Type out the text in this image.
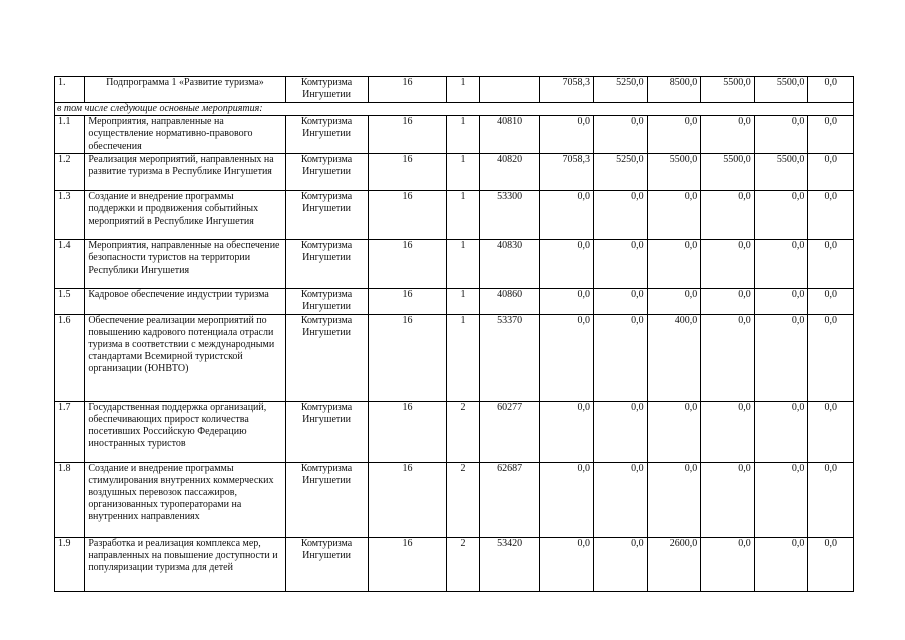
1.	Подпрограмма 1 «Развитие туризма»	Комтуризма Ингушетии	16	1		7058,3	5250,0	8500,0	5500,0	5500,0	0,0
в том числе следующие основные мероприятия:											
1.1	Мероприятия, направленные на осуществление нормативно-правового обеспечения	Комтуризма Ингушетии	16	1	40810	0,0	0,0	0,0	0,0	0,0	0,0
1.2	Реализация мероприятий, направленных на развитие туризма в Республике Ингушетия	Комтуризма Ингушетии	16	1	40820	7058,3	5250,0	5500,0	5500,0	5500,0	0,0
1.3	Создание и внедрение программы поддержки и продвижения событийных мероприятий в Республике Ингушетия	Комтуризма Ингушетии	16	1	53300	0,0	0,0	0,0	0,0	0,0	0,0
1.4	Мероприятия, направленные на обеспечение безопасности туристов на территории Республики Ингушетия	Комтуризма Ингушетии	16	1	40830	0,0	0,0	0,0	0,0	0,0	0,0
1.5	Кадровое обеспечение индустрии туризма	Комтуризма Ингушетии	16	1	40860	0,0	0,0	0,0	0,0	0,0	0,0
1.6	Обеспечение реализации мероприятий по повышению кадрового потенциала отрасли туризма в соответствии с международными стандартами Всемирной туристской организации (ЮНВТО)	Комтуризма Ингушетии	16	1	53370	0,0	0,0	400,0	0,0	0,0	0,0
1.7	Государственная поддержка организаций, обеспечивающих прирост количества посетивших Российскую Федерацию иностранных туристов	Комтуризма Ингушетии	16	2	60277	0,0	0,0	0,0	0,0	0,0	0,0
1.8	Создание и внедрение программы стимулирования внутренних коммерческих воздушных перевозок пассажиров, организованных туроператорами на внутренних направлениях	Комтуризма Ингушетии	16	2	62687	0,0	0,0	0,0	0,0	0,0	0,0
1.9	Разработка и реализация комплекса мер, направленных на повышение доступности и популяризации туризма для детей	Комтуризма Ингушетии	16	2	53420	0,0	0,0	2600,0	0,0	0,0	0,0
